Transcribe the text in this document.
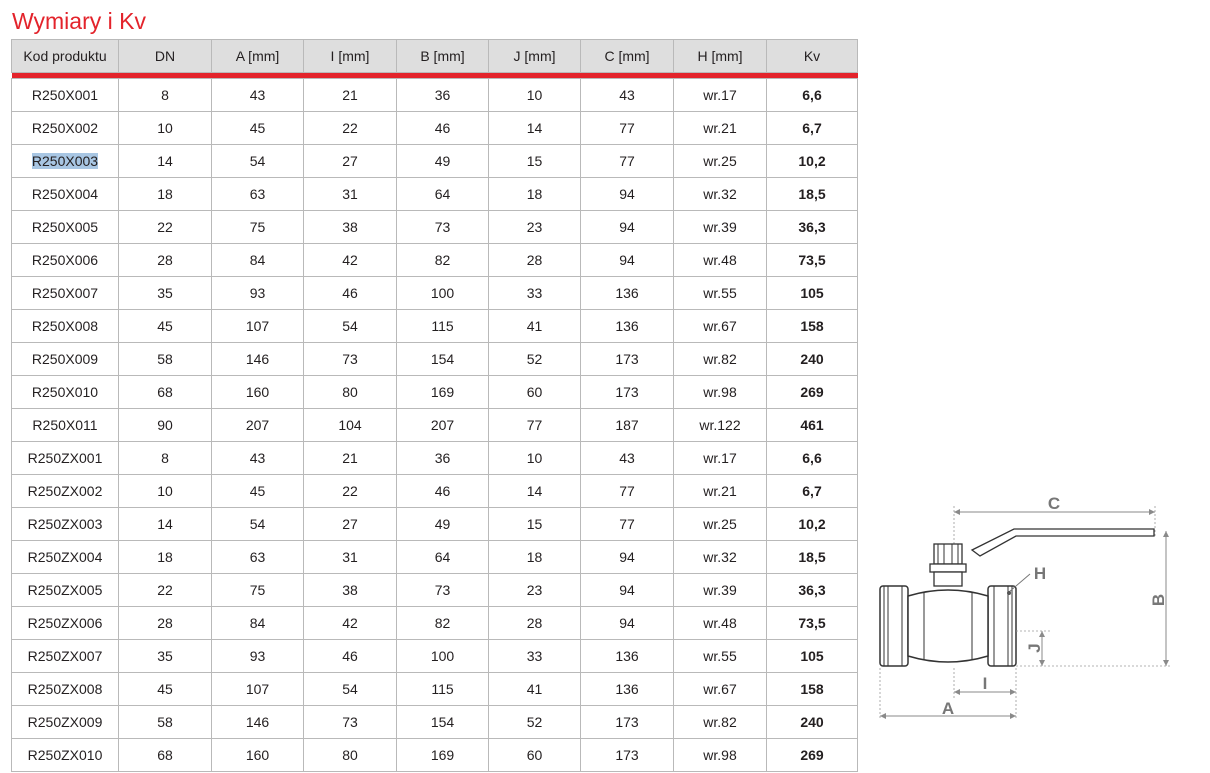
Wymiary i Kv
Kod produktu	DN	A [mm]	I [mm]	B [mm]	J [mm]	C [mm]	H [mm]	Kv

R250X001	8	43	21	36	10	43	wr.17	6,6
R250X002	10	45	22	46	14	77	wr.21	6,7
R250X003	14	54	27	49	15	77	wr.25	10,2
R250X004	18	63	31	64	18	94	wr.32	18,5
R250X005	22	75	38	73	23	94	wr.39	36,3
R250X006	28	84	42	82	28	94	wr.48	73,5
R250X007	35	93	46	100	33	136	wr.55	105
R250X008	45	107	54	115	41	136	wr.67	158
R250X009	58	146	73	154	52	173	wr.82	240
R250X010	68	160	80	169	60	173	wr.98	269
R250X011	90	207	104	207	77	187	wr.122	461
R250ZX001	8	43	21	36	10	43	wr.17	6,6
R250ZX002	10	45	22	46	14	77	wr.21	6,7
R250ZX003	14	54	27	49	15	77	wr.25	10,2
R250ZX004	18	63	31	64	18	94	wr.32	18,5
R250ZX005	22	75	38	73	23	94	wr.39	36,3
R250ZX006	28	84	42	82	28	94	wr.48	73,5
R250ZX007	35	93	46	100	33	136	wr.55	105
R250ZX008	45	107	54	115	41	136	wr.67	158
R250ZX009	58	146	73	154	52	173	wr.82	240
R250ZX010	68	160	80	169	60	173	wr.98	269
C
H
B
J
I
A
